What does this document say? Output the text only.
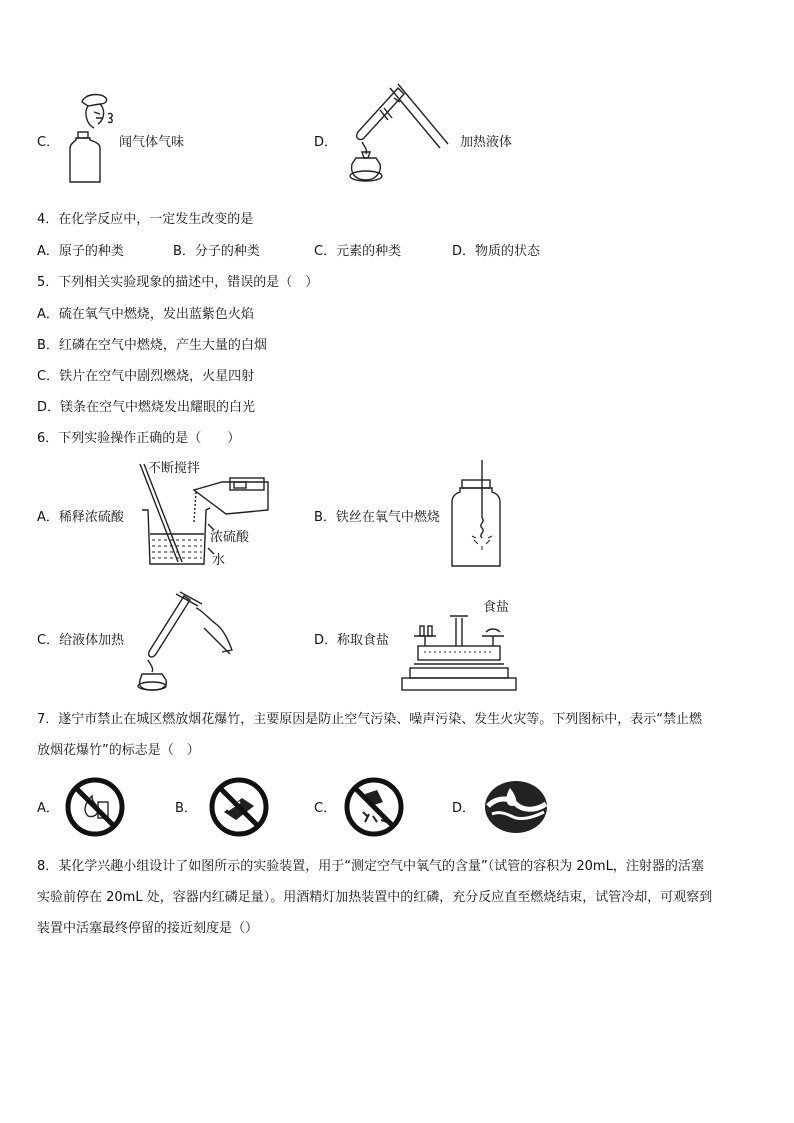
C．	闻气体气味	D．	加热液体
4．在化学反应中，一定发生改变的是
A．原子的种类	B．分子的种类	C．元素的种类	D．物质的状态
5．下列相关实验现象的描述中，错误的是（　）
A．硫在氧气中燃烧，发出蓝紫色火焰
B．红磷在空气中燃烧，产生大量的白烟
C．铁片在空气中剧烈燃烧，火星四射
D．镁条在空气中燃烧发出耀眼的白光
6．下列实验操作正确的是（　　）
A．稀释浓硫酸
不断搅拌
浓硫酸
水
B．铁丝在氧气中燃烧
C．给液体加热	D．称取食盐
食盐
7．遂宁市禁止在城区燃放烟花爆竹，主要原因是防止空气污染、噪声污染、发生火灾等。下列图标中，表示“禁止燃
放烟花爆竹”的标志是（　）
A．	B．	C．	D．
8．某化学兴趣小组设计了如图所示的实验装置，用于“测定空气中氧气的含量”（试管的容积为 20mL，注射器的活塞
实验前停在 20mL 处，容器内红磷足量）。用酒精灯加热装置中的红磷，充分反应直至燃烧结束，试管冷却，可观察到
装置中活塞最终停留的接近刻度是（）
